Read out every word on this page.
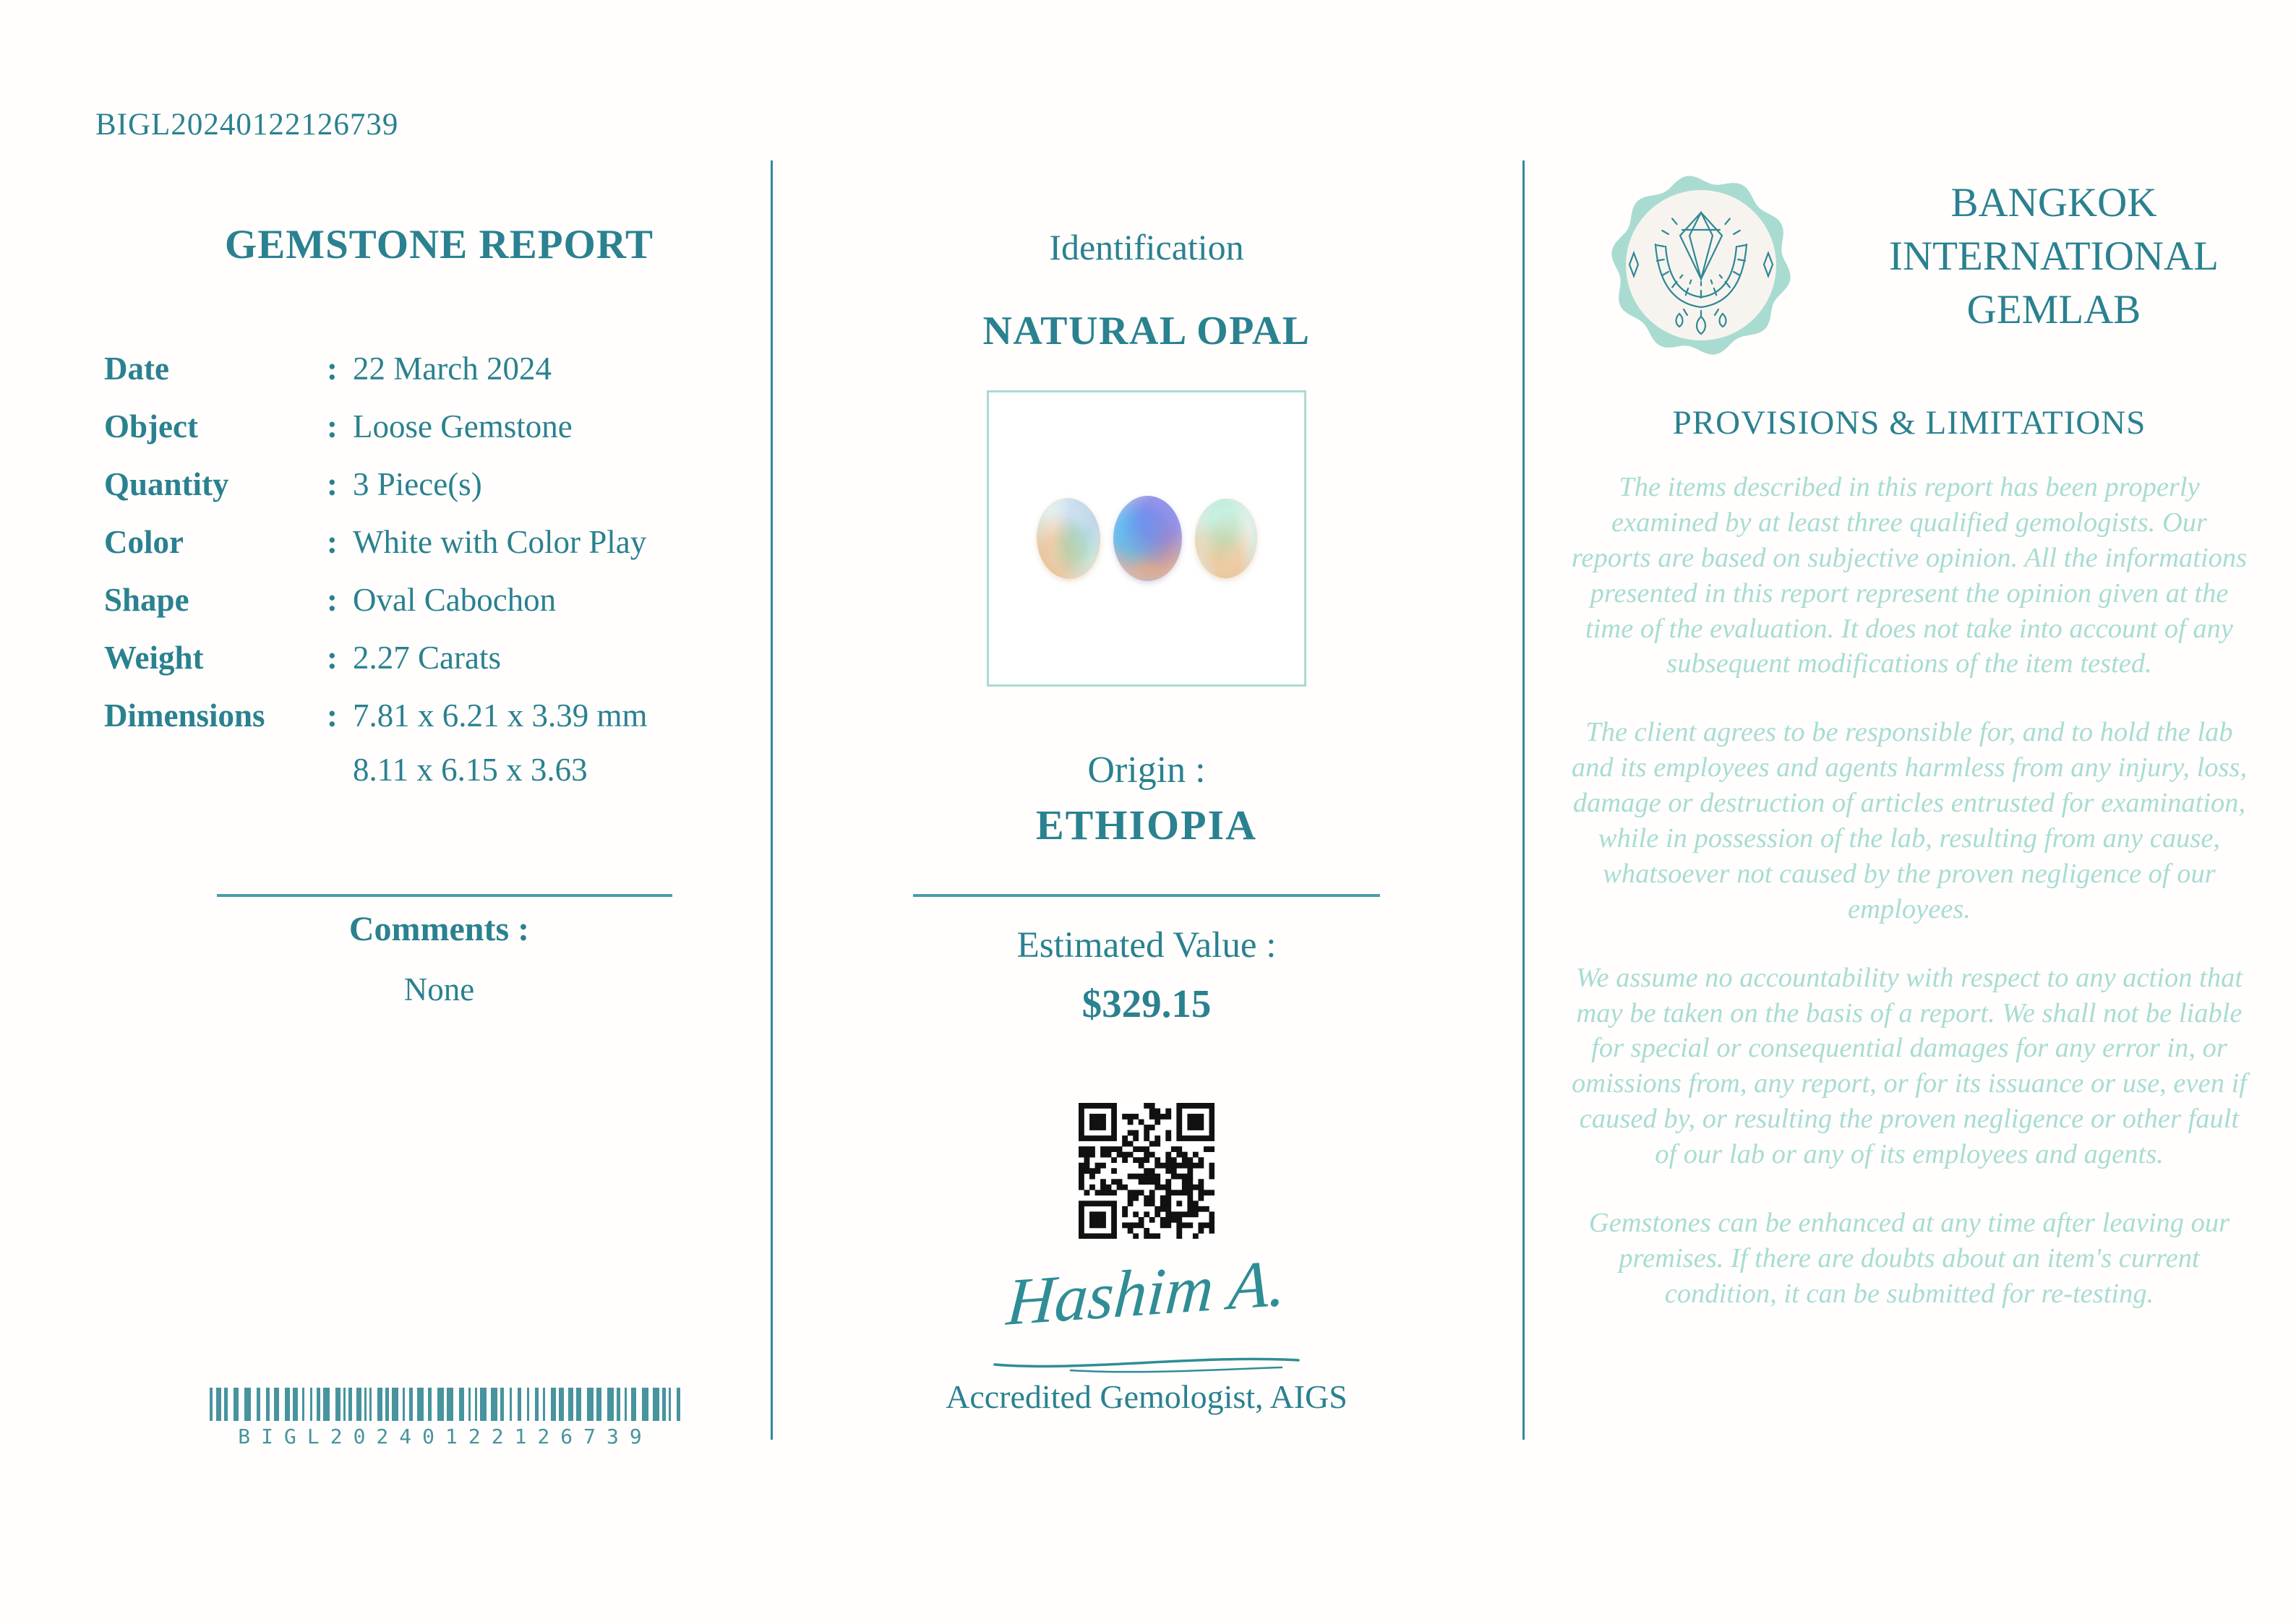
BIGL20240122126739
GEMSTONE REPORT
Date	: 22 March 2024
Object	: Loose Gemstone
Quantity	: 3 Piece(s)
Color	: White with Color Play
Shape	: Oval Cabochon
Weight	: 2.27 Carats
Dimensions	: 7.81 x 6.21 x 3.39 mm
8.11 x 6.15 x 3.63
Comments :
None
BIGL20240122126739
Identification
NATURAL OPAL
Origin :
ETHIOPIA
Estimated Value :
$329.15
Hashim A.
Accredited Gemologist, AIGS
BANGKOK
INTERNATIONAL
GEMLAB
PROVISIONS & LIMITATIONS

The items described in this report has been properly examined by at least three qualified gemologists. Our reports are based on subjective opinion. All the informations presented in this report represent the opinion given at the time of the evaluation. It does not take into account of any subsequent modifications of the item tested.

The client agrees to be responsible for, and to hold the lab and its employees and agents harmless from any injury, loss, damage or destruction of articles entrusted for examination, while in possession of the lab, resulting from any cause, whatsoever not caused by the proven negligence of our employees.

We assume no accountability with respect to any action that may be taken on the basis of a report. We shall not be liable for special or consequential damages for any error in, or omissions from, any report, or for its issuance or use, even if caused by, or resulting the proven negligence or other fault of our lab or any of its employees and agents.

Gemstones can be enhanced at any time after leaving our premises. If there are doubts about an item's current condition, it can be submitted for re-testing.
